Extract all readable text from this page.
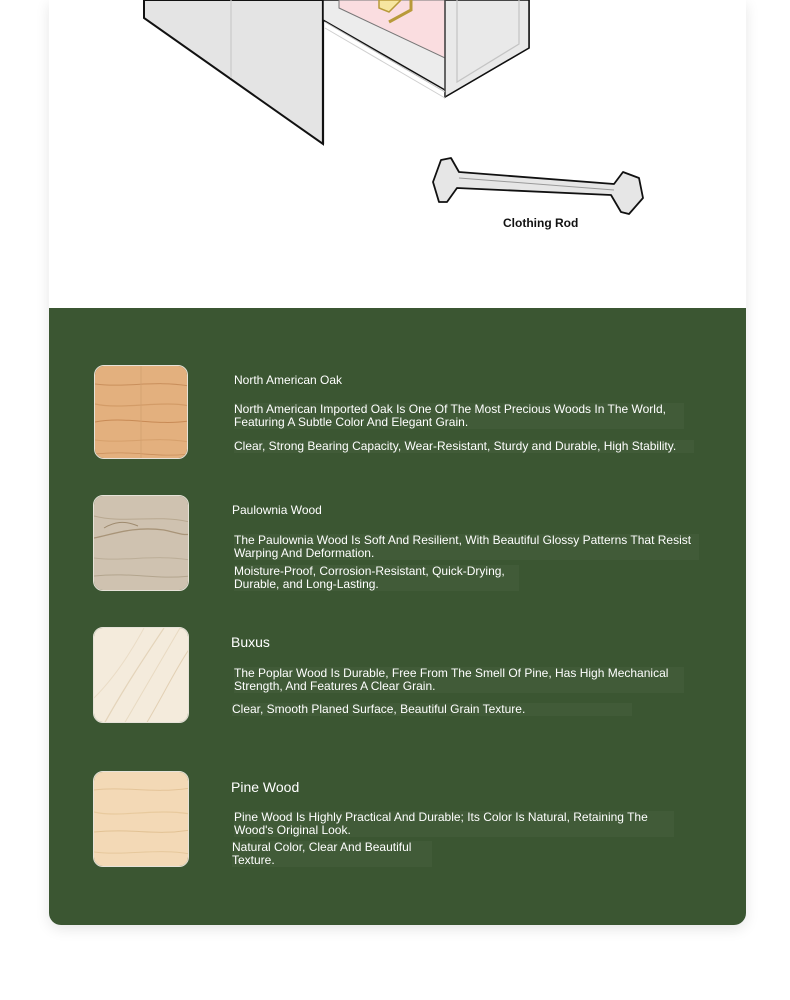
Clothing Rod
North American Oak
North American Imported Oak Is One Of The Most Precious Woods In The World, Featuring A Subtle Color And Elegant Grain.
Clear, Strong Bearing Capacity, Wear-Resistant, Sturdy and Durable, High Stability.
Paulownia Wood
The Paulownia Wood Is Soft And Resilient, With Beautiful Glossy Patterns That Resist Warping And Deformation.
Moisture-Proof, Corrosion-Resistant, Quick-Drying, Durable, and Long-Lasting.
Buxus
The Poplar Wood Is Durable, Free From The Smell Of Pine, Has High Mechanical Strength, And Features A Clear Grain.
Clear, Smooth Planed Surface, Beautiful Grain Texture.
Pine Wood
Pine Wood Is Highly Practical And Durable; Its Color Is Natural, Retaining The Wood's Original Look.
Natural Color, Clear And Beautiful Texture.
